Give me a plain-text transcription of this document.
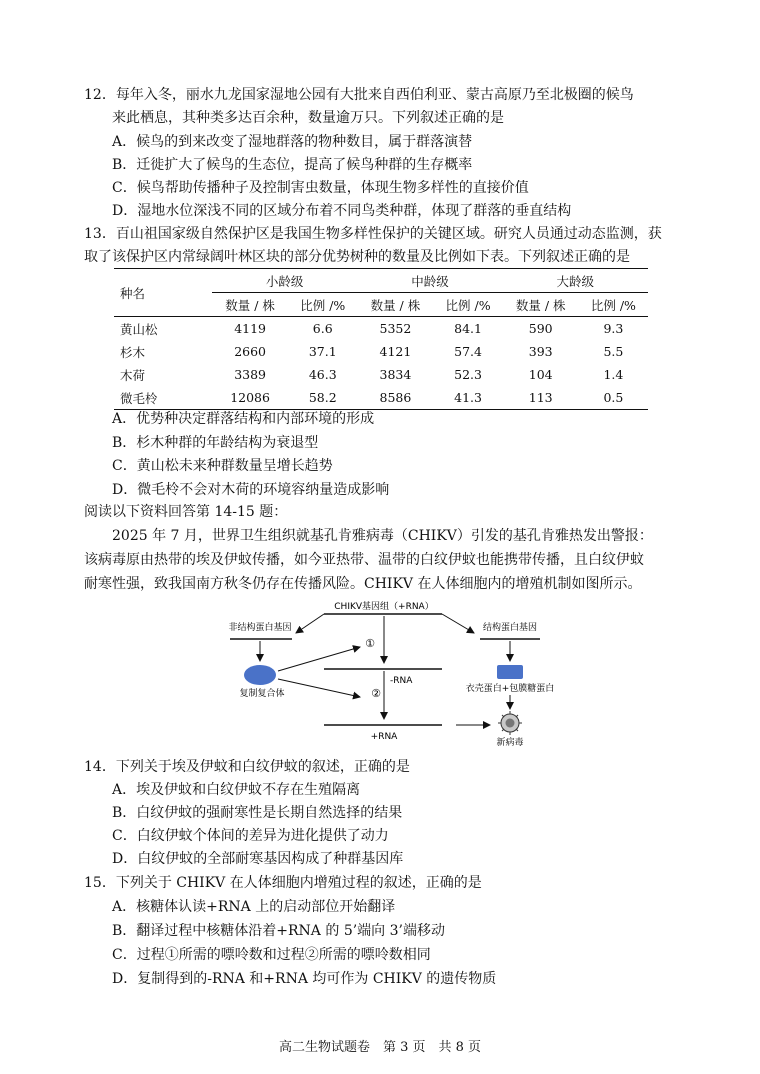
12．每年入冬，丽水九龙国家湿地公园有大批来自西伯利亚、蒙古高原乃至北极圈的候鸟
来此栖息，其种类多达百余种，数量逾万只。下列叙述正确的是
A．候鸟的到来改变了湿地群落的物种数目，属于群落演替
B．迁徙扩大了候鸟的生态位，提高了候鸟种群的生存概率
C．候鸟帮助传播种子及控制害虫数量，体现生物多样性的直接价值
D．湿地水位深浅不同的区域分布着不同鸟类种群，体现了群落的垂直结构
13．百山祖国家级自然保护区是我国生物多样性保护的关键区域。研究人员通过动态监测，获
取了该保护区内常绿阔叶林区块的部分优势树种的数量及比例如下表。下列叙述正确的是
种名	小龄级		中龄级		大龄级	
	数量 / 株	比例 /%	数量 / 株	比例 /%	数量 / 株	比例 /%
黄山松	4119	6.6	5352	84.1	590	9.3
杉木	2660	37.1	4121	57.4	393	5.5
木荷	3389	46.3	3834	52.3	104	1.4
微毛柃	12086	58.2	8586	41.3	113	0.5
A．优势种决定群落结构和内部环境的形成
B．杉木种群的年龄结构为衰退型
C．黄山松未来种群数量呈增长趋势
D．微毛柃不会对木荷的环境容纳量造成影响
阅读以下资料回答第 14-15 题：
2025 年 7 月，世界卫生组织就基孔肯雅病毒（CHIKV）引发的基孔肯雅热发出警报：
该病毒原由热带的埃及伊蚊传播，如今亚热带、温带的白纹伊蚊也能携带传播，且白纹伊蚊
耐寒性强，致我国南方秋冬仍存在传播风险。CHIKV 在人体细胞内的增殖机制如图所示。
CHIKV基因组（+RNA）
非结构蛋白基因	结构蛋白基因
①
-RNA
②
+RNA
复制复合体	衣壳蛋白+包膜糖蛋白
新病毒
14．下列关于埃及伊蚊和白纹伊蚊的叙述，正确的是
A．埃及伊蚊和白纹伊蚊不存在生殖隔离
B．白纹伊蚊的强耐寒性是长期自然选择的结果
C．白纹伊蚊个体间的差异为进化提供了动力
D．白纹伊蚊的全部耐寒基因构成了种群基因库
15．下列关于 CHIKV 在人体细胞内增殖过程的叙述，正确的是
A．核糖体认读+RNA 上的启动部位开始翻译
B．翻译过程中核糖体沿着+RNA 的 5’端向 3’端移动
C．过程①所需的嘌呤数和过程②所需的嘌呤数相同
D．复制得到的-RNA 和+RNA 均可作为 CHIKV 的遗传物质
高二生物试题卷　第 3 页　共 8 页
